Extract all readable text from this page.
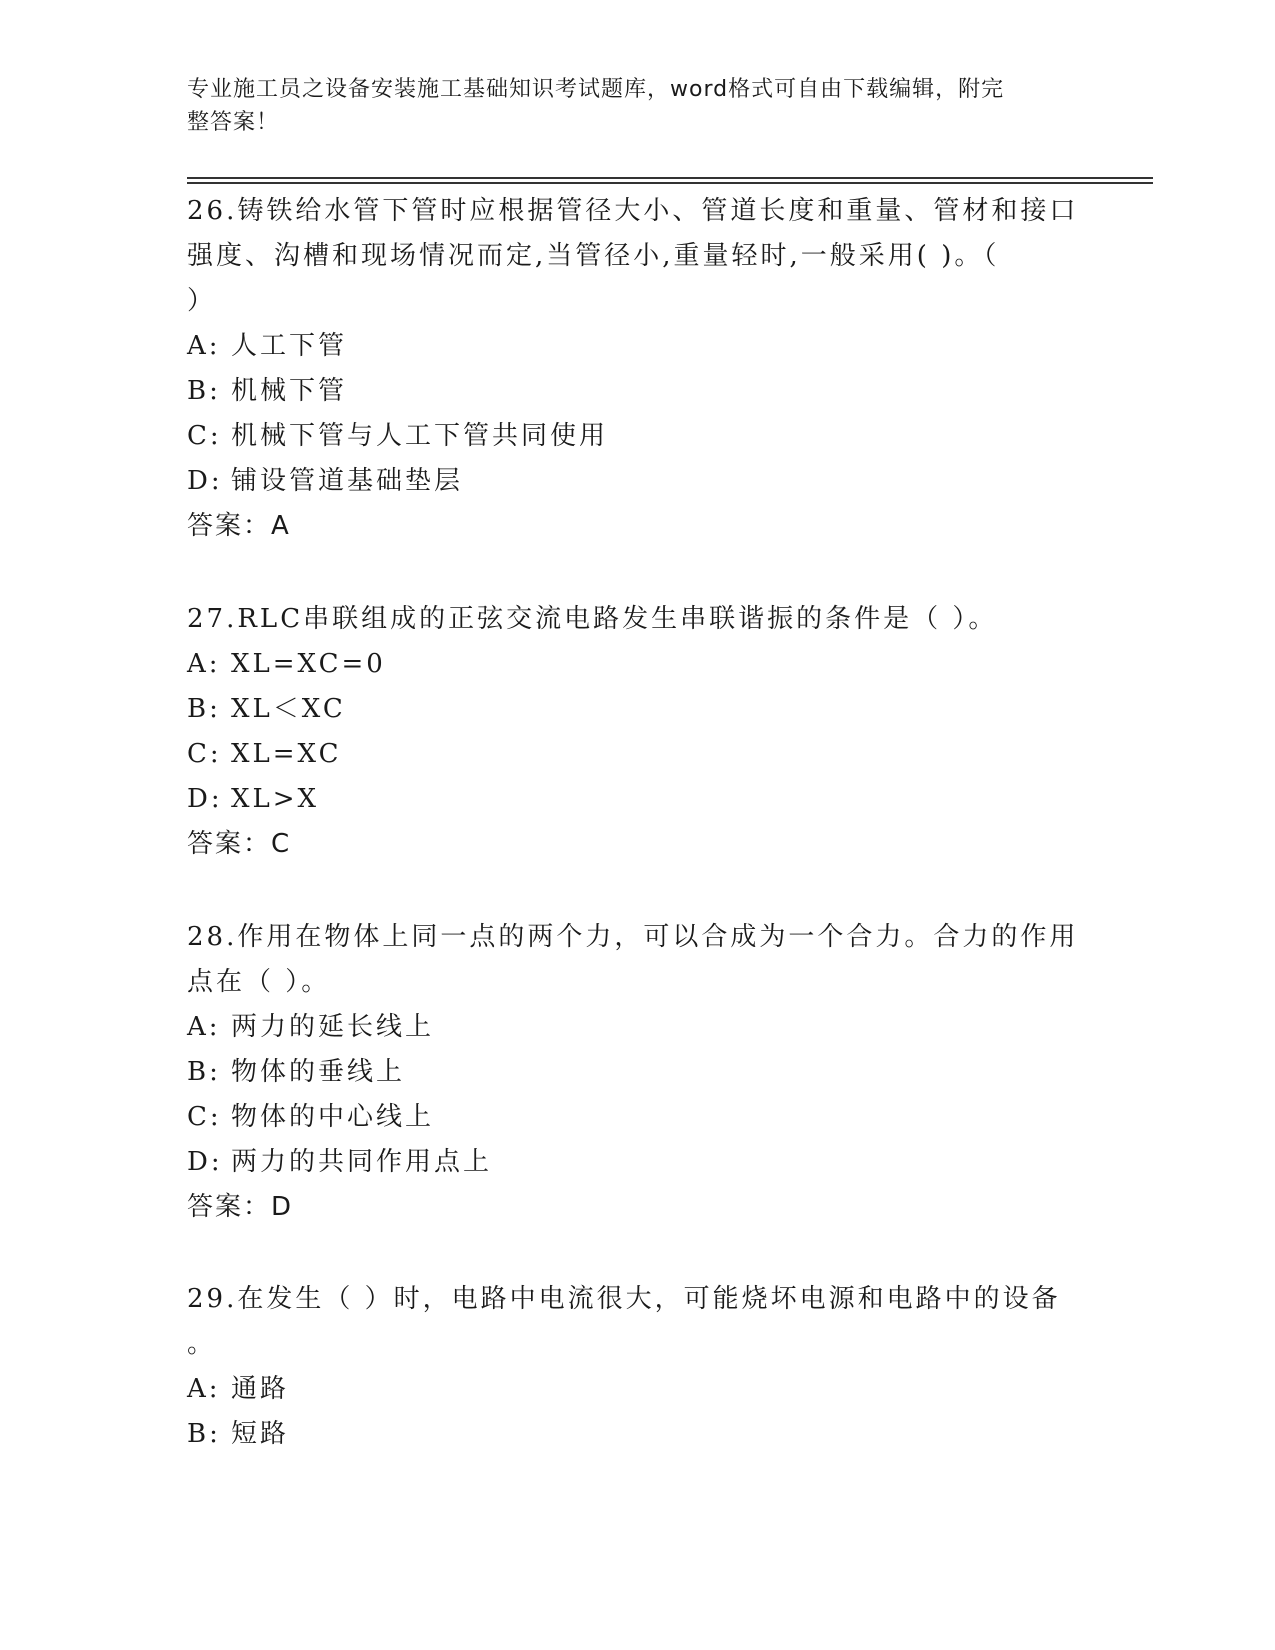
专业施工员之设备安装施工基础知识考试题库，word格式可自由下载编辑，附完
整答案！
26.铸铁给水管下管时应根据管径大小、管道长度和重量、管材和接口
强度、沟槽和现场情况而定,当管径小,重量轻时,一般采用( )。（
）
A: 人工下管
B: 机械下管
C: 机械下管与人工下管共同使用
D: 铺设管道基础垫层
答案：A
27.RLC串联组成的正弦交流电路发生串联谐振的条件是（ ）。
A: XL=XC=0
B: XL＜XC
C: XL=XC
D: XL>X
答案：C
28.作用在物体上同一点的两个力，可以合成为一个合力。合力的作用
点在（ ）。
A: 两力的延长线上
B: 物体的垂线上
C: 物体的中心线上
D: 两力的共同作用点上
答案：D
29.在发生（ ）时，电路中电流很大，可能烧坏电源和电路中的设备
。
A: 通路
B: 短路
